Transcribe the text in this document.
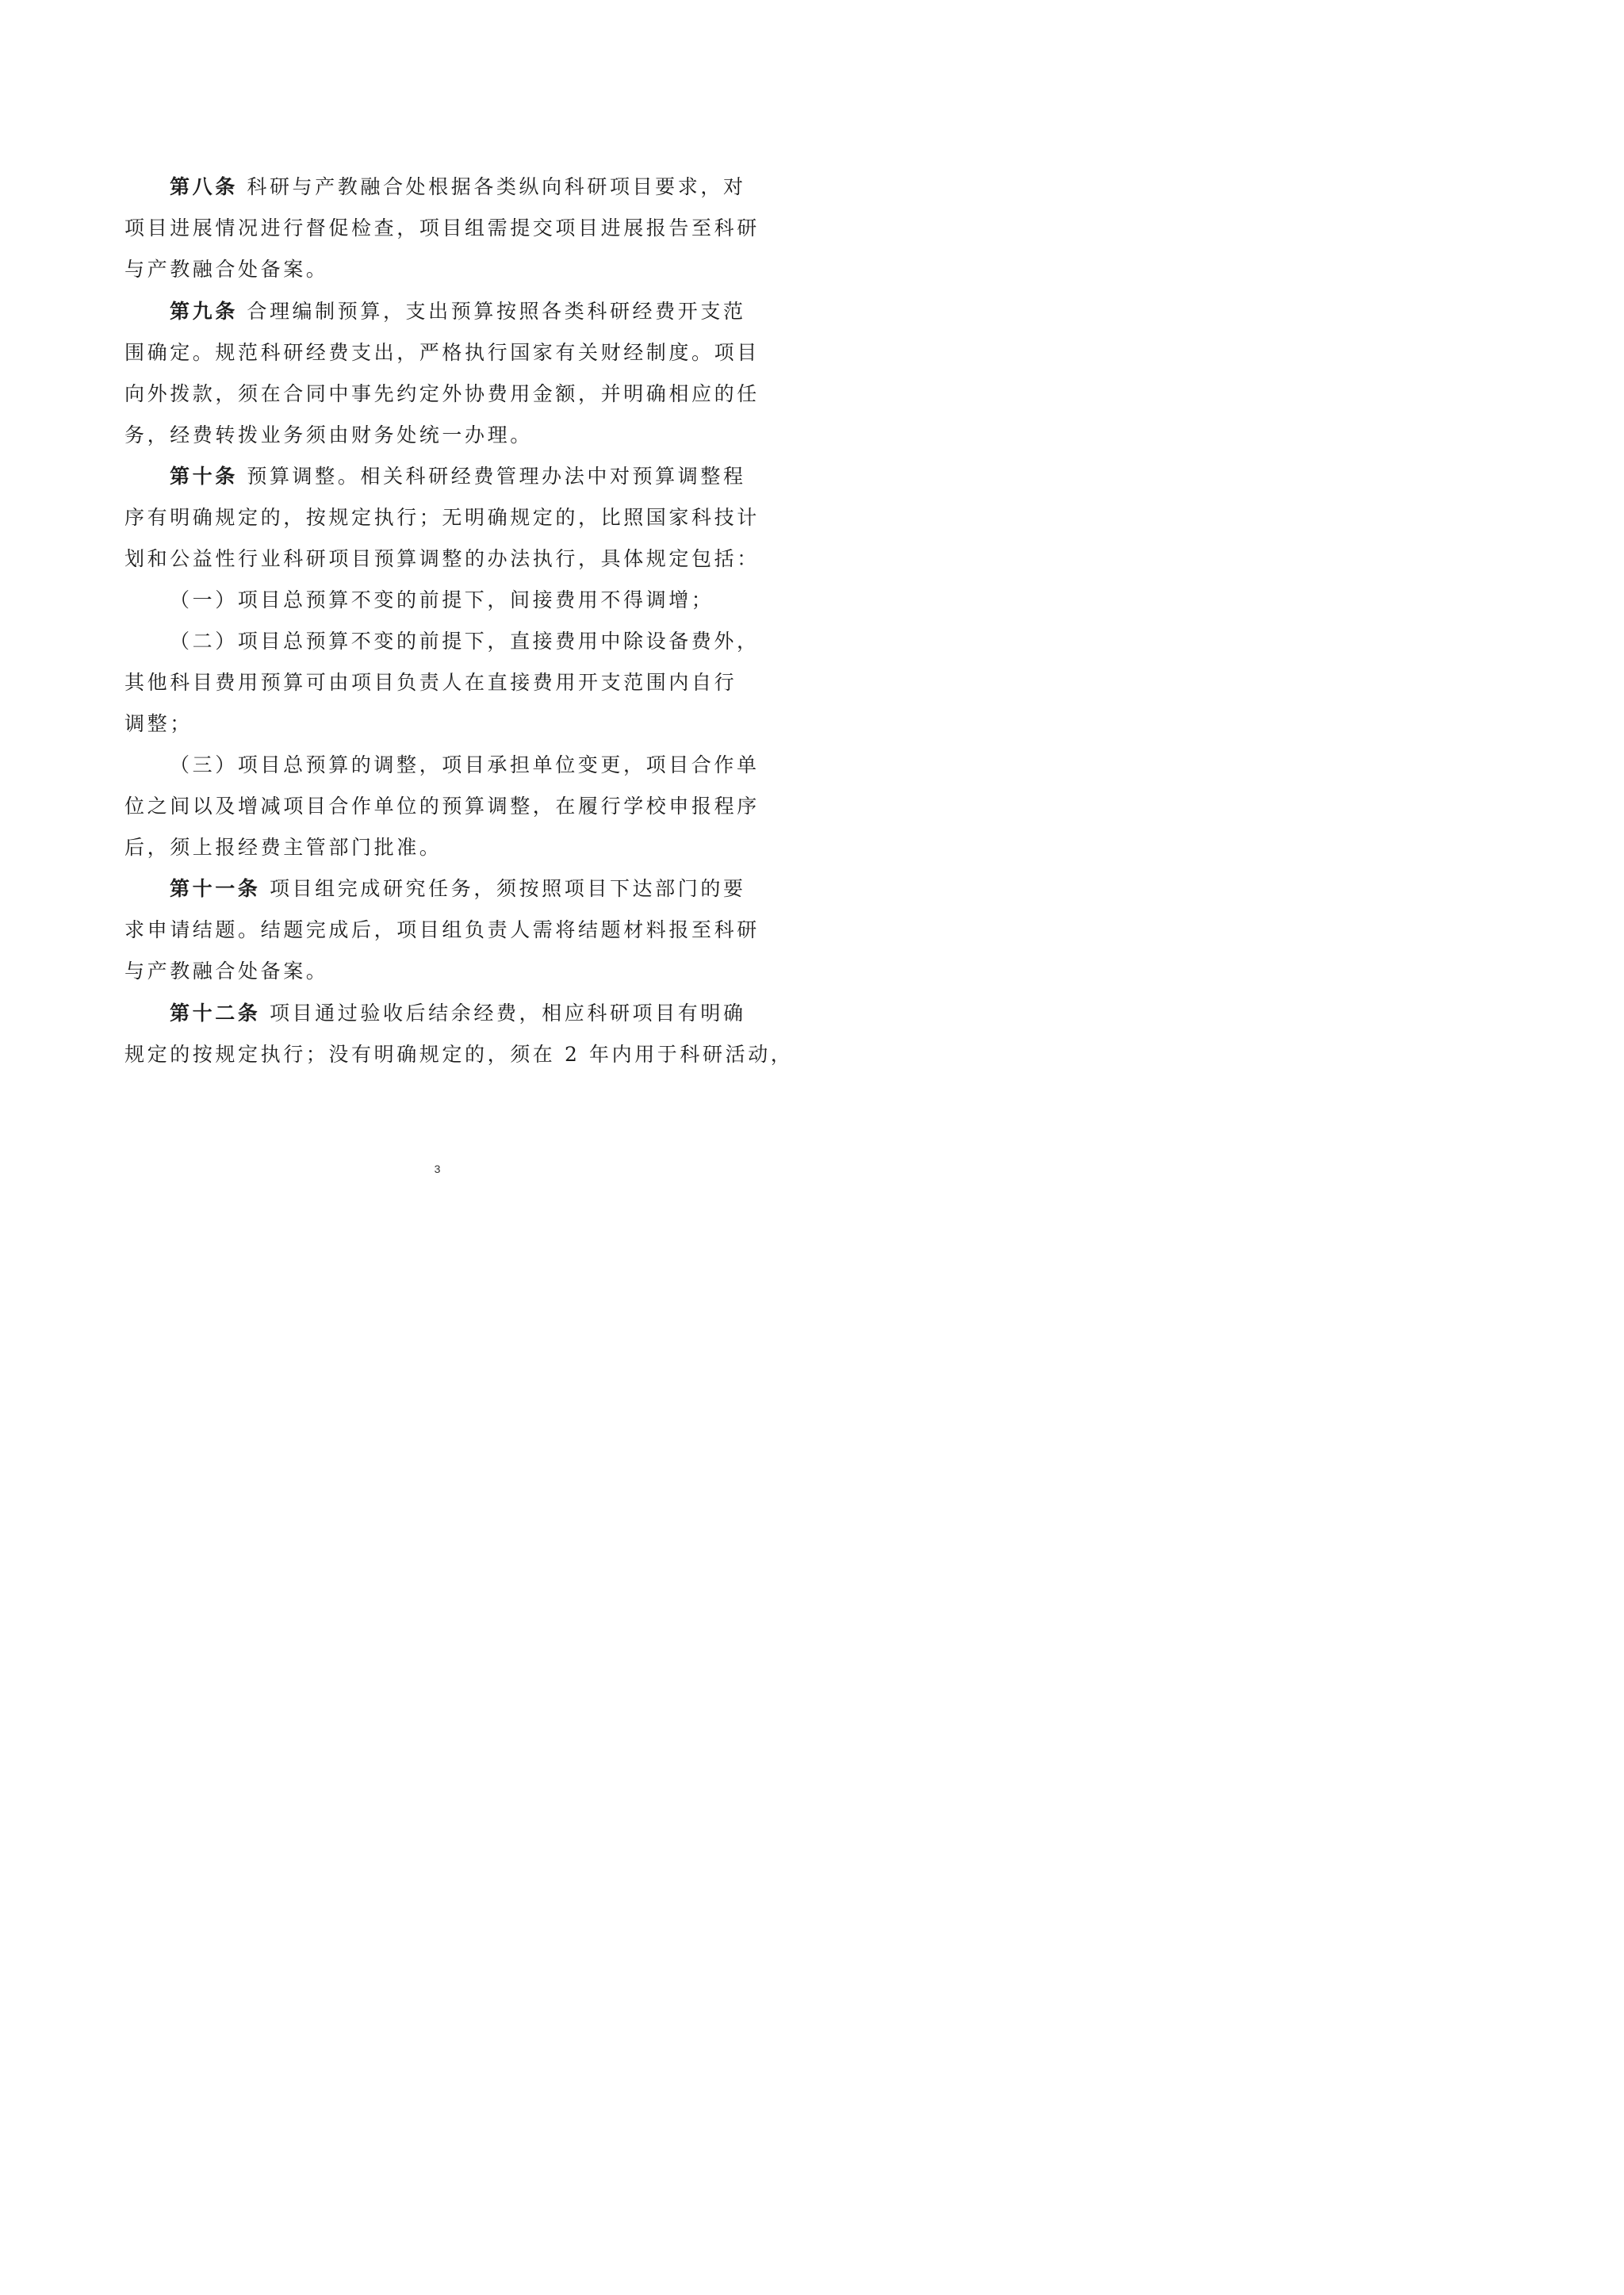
第八条 科研与产教融合处根据各类纵向科研项目要求，对
项目进展情况进行督促检查，项目组需提交项目进展报告至科研
与产教融合处备案。
第九条 合理编制预算，支出预算按照各类科研经费开支范
围确定。规范科研经费支出，严格执行国家有关财经制度。项目
向外拨款，须在合同中事先约定外协费用金额，并明确相应的任
务，经费转拨业务须由财务处统一办理。
第十条 预算调整。相关科研经费管理办法中对预算调整程
序有明确规定的，按规定执行；无明确规定的，比照国家科技计
划和公益性行业科研项目预算调整的办法执行，具体规定包括：
（一）项目总预算不变的前提下，间接费用不得调增；
（二）项目总预算不变的前提下，直接费用中除设备费外，
其他科目费用预算可由项目负责人在直接费用开支范围内自行
调整；
（三）项目总预算的调整，项目承担单位变更，项目合作单
位之间以及增减项目合作单位的预算调整，在履行学校申报程序
后，须上报经费主管部门批准。
第十一条 项目组完成研究任务，须按照项目下达部门的要
求申请结题。结题完成后，项目组负责人需将结题材料报至科研
与产教融合处备案。
第十二条 项目通过验收后结余经费，相应科研项目有明确
规定的按规定执行；没有明确规定的，须在 2 年内用于科研活动，
3
